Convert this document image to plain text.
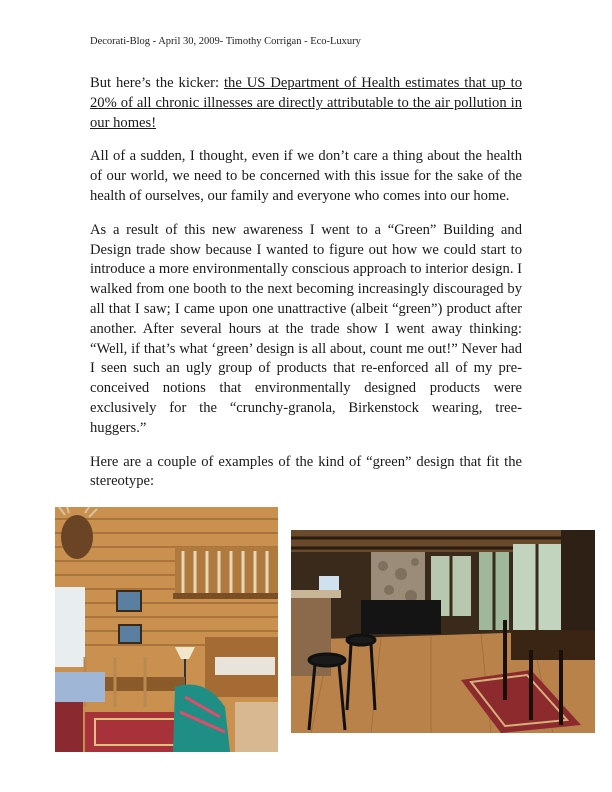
Decorati-Blog - April 30, 2009- Timothy Corrigan - Eco-Luxury

But here’s the kicker: the US Department of Health estimates that up to 20% of all chronic illnesses are directly attributable to the air pollution in our homes!

All of a sudden, I thought, even if we don’t care a thing about the health of our world, we need to be concerned with this issue for the sake of the health of ourselves, our family and everyone who comes into our home.

As a result of this new awareness I went to a “Green” Building and Design trade show because I wanted to figure out how we could start to introduce a more environmentally conscious approach to interior design. I walked from one booth to the next becoming increasingly discouraged by all that I saw; I came upon one unattractive (albeit “green”) product after another. After several hours at the trade show I went away thinking: “Well, if that’s what ‘green’ design is all about, count me out!” Never had I seen such an ugly group of products that re-enforced all of my pre-conceived notions that environmentally designed products were exclusively for the “crunchy-granola, Birkenstock wearing, tree-huggers.”

Here are a couple of examples of the kind of “green” design that fit the stereotype:
